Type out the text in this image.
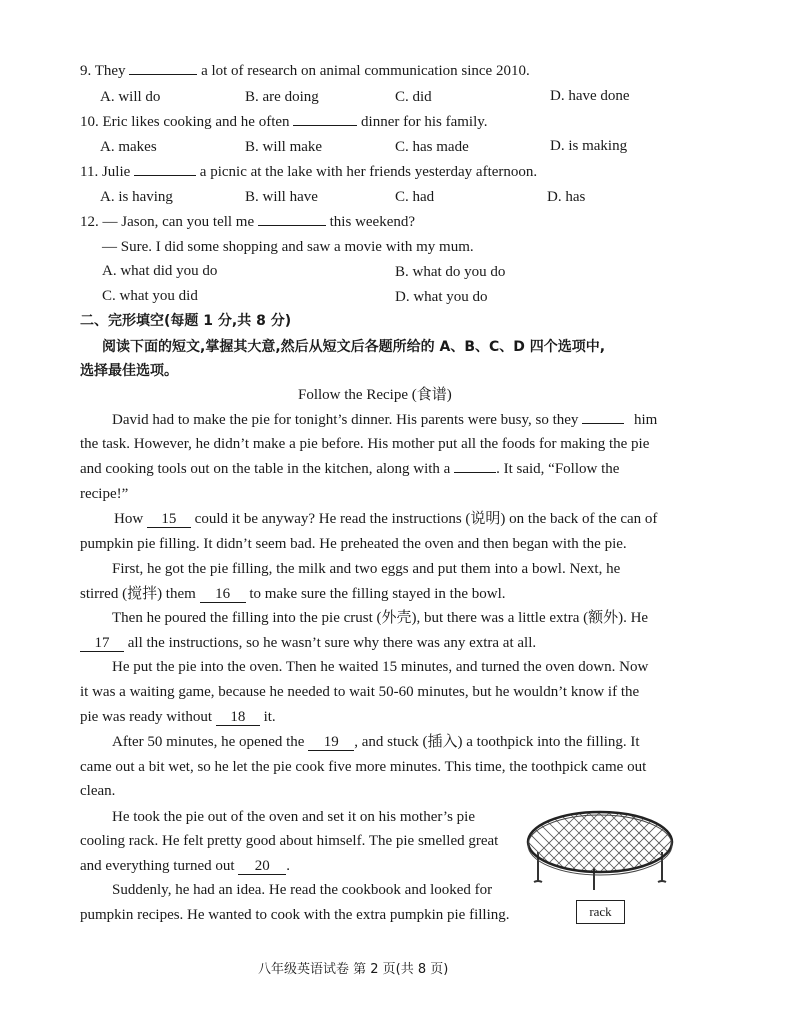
9. They	a lot of research on animal communication since 2010.
A. will do	B. are doing	C. did	D. have done
10. Eric likes cooking and he often	dinner for his family.
A. makes	B. will make	C. has made	D. is making
11. Julie	a picnic at the lake with her friends yesterday afternoon.
A. is having	B. will have	C. had	D. has
12. — Jason, can you tell me	this weekend?
— Sure. I did some shopping and saw a movie with my mum.
A. what did you do	B. what do you do
C. what you did	D. what you do
二、完形填空(每题 1 分,共 8 分)
阅读下面的短文,掌握其大意,然后从短文后各题所给的 A、B、C、D 四个选项中,
选择最佳选项。
Follow the Recipe (食谱)
David had to make the pie for tonight’s dinner. His parents were busy, so they	him
the task. However, he didn’t make a pie before. His mother put all the foods for making the pie
and cooking tools out on the table in the kitchen, along with a	. It said, “Follow the
recipe!”
How 15 could it be anyway? He read the instructions (说明) on the back of the can of
pumpkin pie filling. It didn’t seem bad. He preheated the oven and then began with the pie.
First, he got the pie filling, the milk and two eggs and put them into a bowl. Next, he
stirred (搅拌) them 16 to make sure the filling stayed in the bowl.
Then he poured the filling into the pie crust (外壳), but there was a little extra (额外). He
17 all the instructions, so he wasn’t sure why there was any extra at all.
He put the pie into the oven. Then he waited 15 minutes, and turned the oven down. Now
it was a waiting game, because he needed to wait 50-60 minutes, but he wouldn’t know if the
pie was ready without 18 it.
After 50 minutes, he opened the 19 , and stuck (插入) a toothpick into the filling. It
came out a bit wet, so he let the pie cook five more minutes. This time, the toothpick came out
clean.
He took the pie out of the oven and set it on his mother’s pie
cooling rack. He felt pretty good about himself. The pie smelled great
and everything turned out 20 .
Suddenly, he had an idea. He read the cookbook and looked for
pumpkin recipes. He wanted to cook with the extra pumpkin pie filling.	rack
八年级英语试卷 第 2 页(共 8 页)
